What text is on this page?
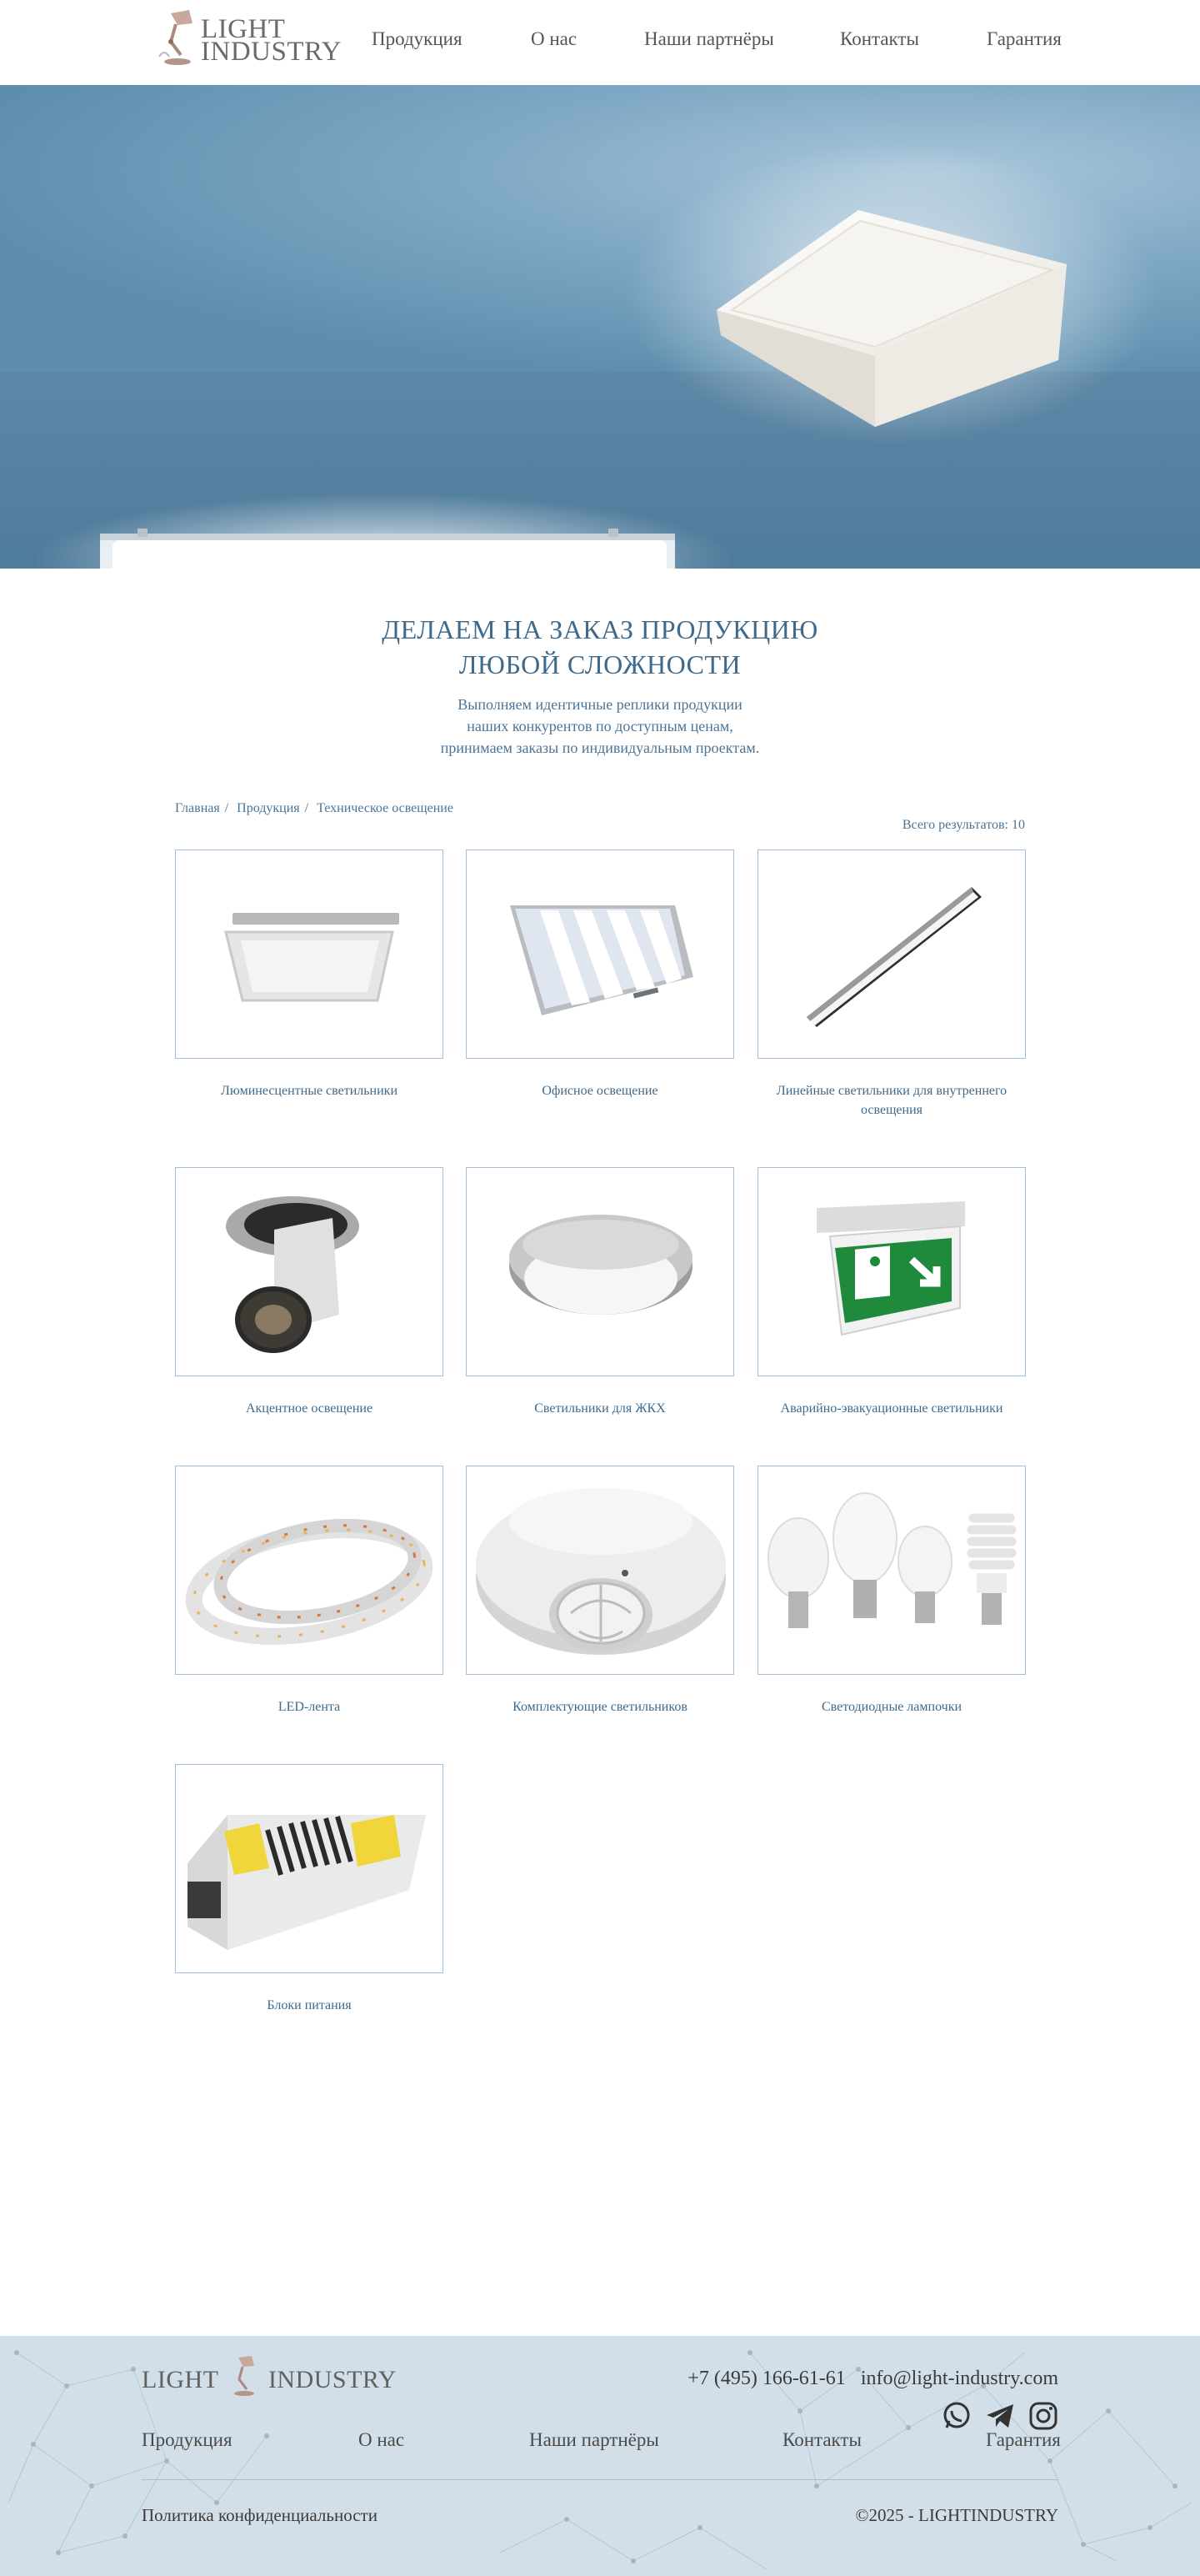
LIGHT
INDUSTRY Продукция	О нас	Наши партнёры	Контакты	Гарантия
ДЕЛАЕМ НА ЗАКАЗ ПРОДУКЦИЮ
ЛЮБОЙ СЛОЖНОСТИ

Выполняем идентичные реплики продукции
наших конкурентов по доступным ценам,
принимаем заказы по индивидуальным проектам.

Главная / Продукция / Техническое освещение
Всего результатов: 10
Люминесцентные светильники	Офисное освещение	Линейные светильники для внутреннего освещения
Акцентное освещение	Светильники для ЖКХ	Аварийно-эвакуационные светильники
LED-лента	Комплектующие светильников	Светодиодные лампочки
Блоки питания
LIGHT INDUSTRY	+7 (495) 166-61-61 info@light-industry.com

Продукция	О нас	Наши партнёры	Контакты	Гарантия
Политика конфиденциальности	©2025 - LIGHTINDUSTRY
